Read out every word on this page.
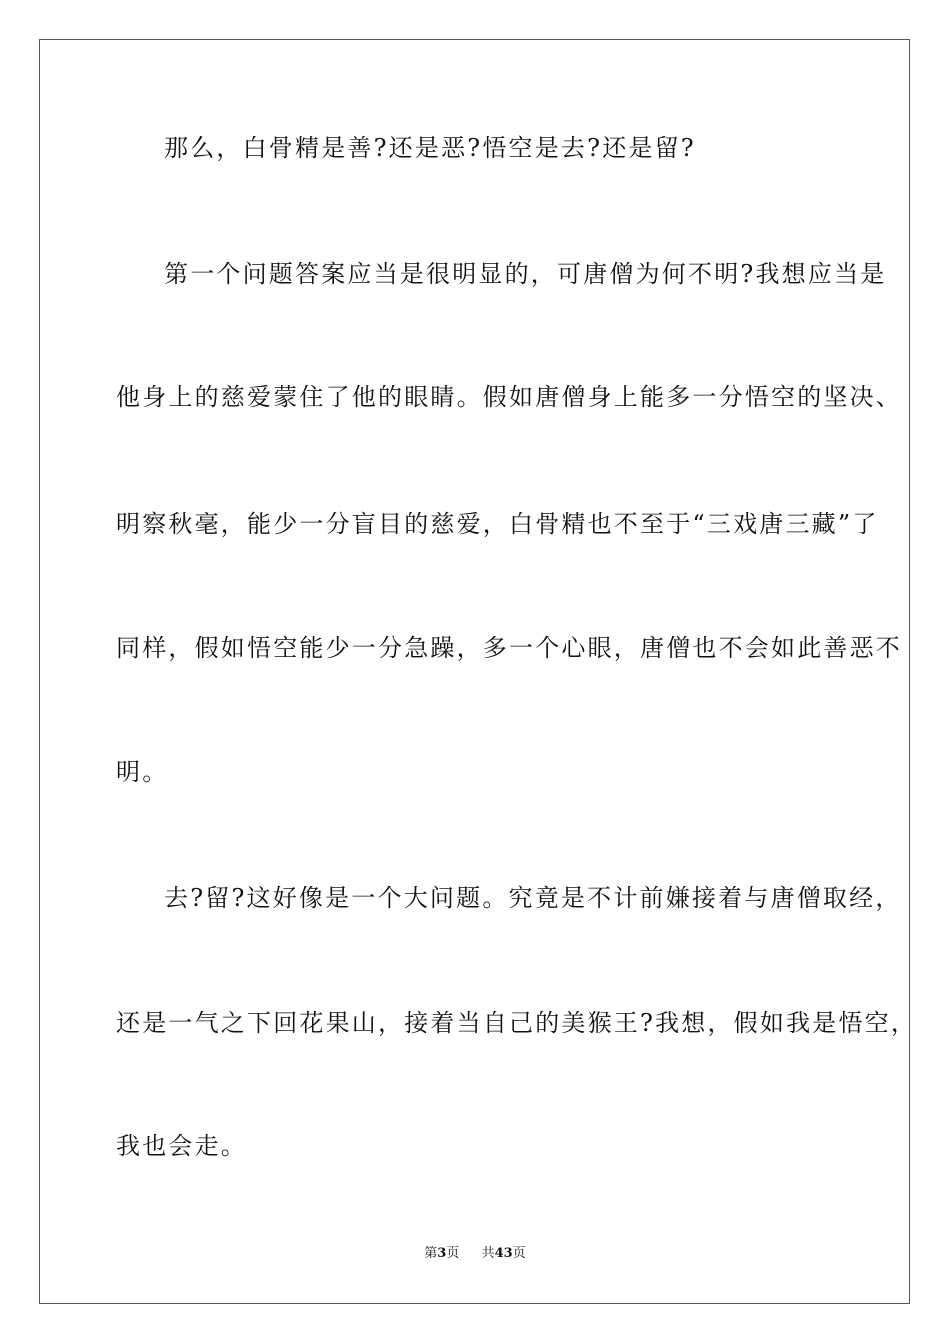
那么，白骨精是善?还是恶?悟空是去?还是留?
第一个问题答案应当是很明显的，可唐僧为何不明?我想应当是
他身上的慈爱蒙住了他的眼睛。假如唐僧身上能多一分悟空的坚决、
明察秋毫，能少一分盲目的慈爱，白骨精也不至于“三戏唐三藏”了
同样，假如悟空能少一分急躁，多一个心眼，唐僧也不会如此善恶不
明。
去?留?这好像是一个大问题。究竟是不计前嫌接着与唐僧取经，
还是一气之下回花果山，接着当自己的美猴王?我想，假如我是悟空，
我也会走。
第3页 共43页
